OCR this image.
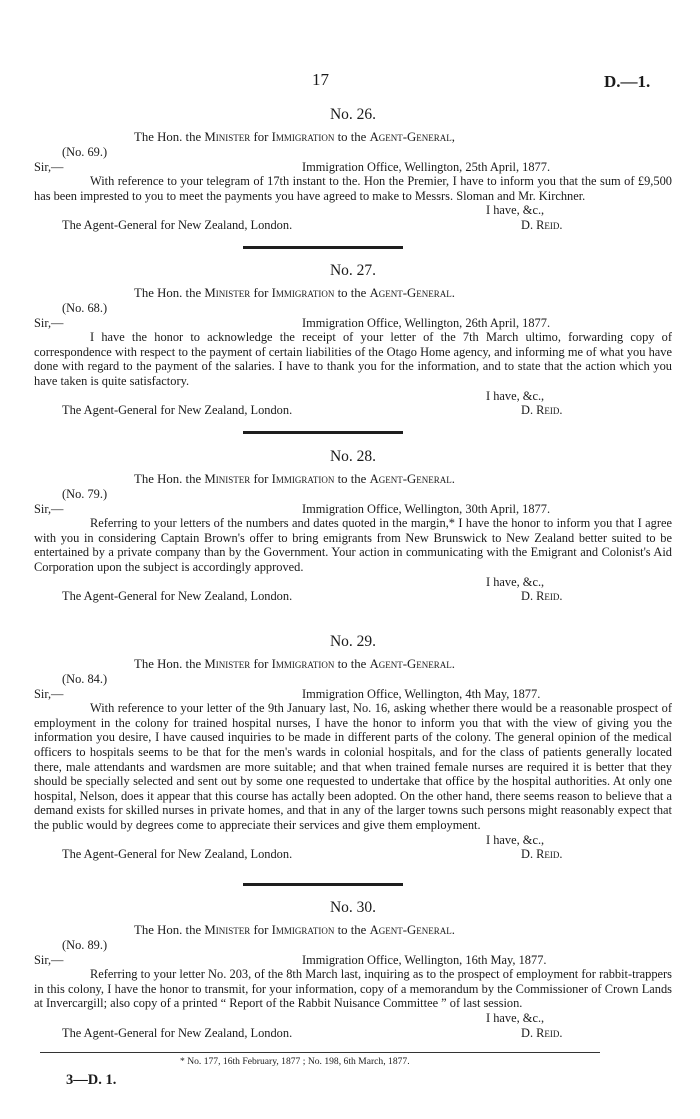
17	D.—1.
No. 26.
The Hon. the Minister for Immigration to the Agent-General,
(No. 69.)
Sir,—	Immigration Office, Wellington, 25th April, 1877.

With reference to your telegram of 17th instant to the. Hon the Premier, I have to inform you that the sum of £9,500 has been imprested to you to meet the payments you have agreed to make to Messrs. Sloman and Mr. Kirchner.

I have, &c.,
The Agent-General for New Zealand, London.	D. Reid.
No. 27.
The Hon. the Minister for Immigration to the Agent-General.
(No. 68.)
Sir,—	Immigration Office, Wellington, 26th April, 1877.

I have the honor to acknowledge the receipt of your letter of the 7th March ultimo, forwarding copy of correspondence with respect to the payment of certain liabilities of the Otago Home agency, and informing me of what you have done with regard to the payment of the salaries. I have to thank you for the information, and to state that the action which you have taken is quite satisfactory.

I have, &c.,
The Agent-General for New Zealand, London.	D. Reid.
No. 28.
The Hon. the Minister for Immigration to the Agent-General.
(No. 79.)
Sir,—	Immigration Office, Wellington, 30th April, 1877.

Referring to your letters of the numbers and dates quoted in the margin,* I have the honor to inform you that I agree with you in considering Captain Brown's offer to bring emigrants from New Brunswick to New Zealand better suited to be entertained by a private company than by the Government. Your action in communicating with the Emigrant and Colonist's Aid Corporation upon the subject is accordingly approved.

I have, &c.,
The Agent-General for New Zealand, London.	D. Reid.
No. 29.
The Hon. the Minister for Immigration to the Agent-General.
(No. 84.)
Sir,—	Immigration Office, Wellington, 4th May, 1877.

With reference to your letter of the 9th January last, No. 16, asking whether there would be a reasonable prospect of employment in the colony for trained hospital nurses, I have the honor to inform you that with the view of giving you the information you desire, I have caused inquiries to be made in different parts of the colony. The general opinion of the medical officers to hospitals seems to be that for the men's wards in colonial hospitals, and for the class of patients generally located there, male attendants and wardsmen are more suitable; and that when trained female nurses are required it is better that they should be specially selected and sent out by some one requested to undertake that office by the hospital authorities. At only one hospital, Nelson, does it appear that this course has actally been adopted. On the other hand, there seems reason to believe that a demand exists for skilled nurses in private homes, and that in any of the larger towns such persons might reasonably expect that the public would by degrees come to appreciate their services and give them employment.

I have, &c.,
The Agent-General for New Zealand, London.	D. Reid.
No. 30.
The Hon. the Minister for Immigration to the Agent-General.
(No. 89.)
Sir,—	Immigration Office, Wellington, 16th May, 1877.

Referring to your letter No. 203, of the 8th March last, inquiring as to the prospect of employment for rabbit-trappers in this colony, I have the honor to transmit, for your information, copy of a memorandum by the Commissioner of Crown Lands at Invercargill; also copy of a printed “ Report of the Rabbit Nuisance Committee ” of last session.

I have, &c.,
The Agent-General for New Zealand, London.	D. Reid.
* No. 177, 16th February, 1877 ; No. 198, 6th March, 1877.
3—D. 1.
